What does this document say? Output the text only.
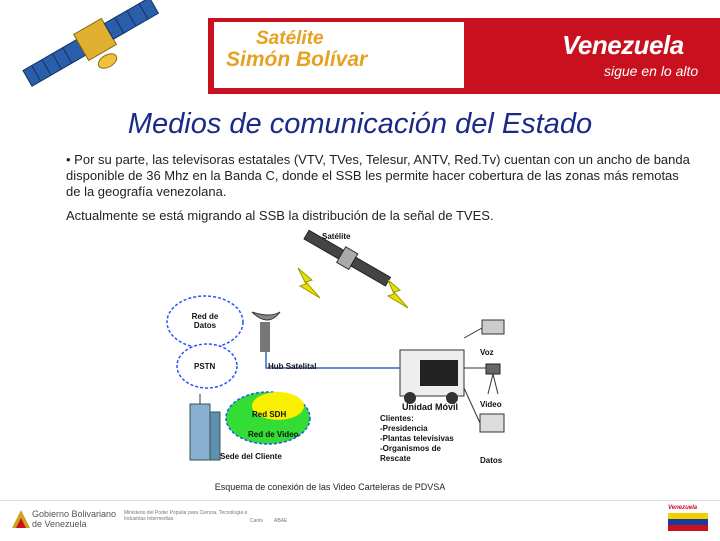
Satélite
Simón Bolívar	Venezuela
sigue en lo alto
Medios de comunicación del Estado
• Por su parte, las televisoras estatales (VTV, TVes, Telesur, ANTV, Red.Tv) cuentan con un ancho de banda disponible de 36 Mhz en la Banda C, donde el SSB les permite hacer cobertura de las zonas más remotas de la geografía venezolana.
Actualmente se está migrando al SSB la distribución de la señal de TVES.
Satélite
Red de Datos
PSTN	Hub Satelital
Red SDH
Red de Video
Sede del Cliente
Unidad Móvil
Voz
Video
Datos
Clientes:
-Presidencia
-Plantas televisivas
-Organismos de
Rescate
Esquema de conexión de las Video Carteleras de PDVSA
Gobierno Bolivariano
de Venezuela
Ministerio del Poder Popular para Ciencia, Tecnología e Industrias Intermedias	Cantv ABAE
Venezuela
